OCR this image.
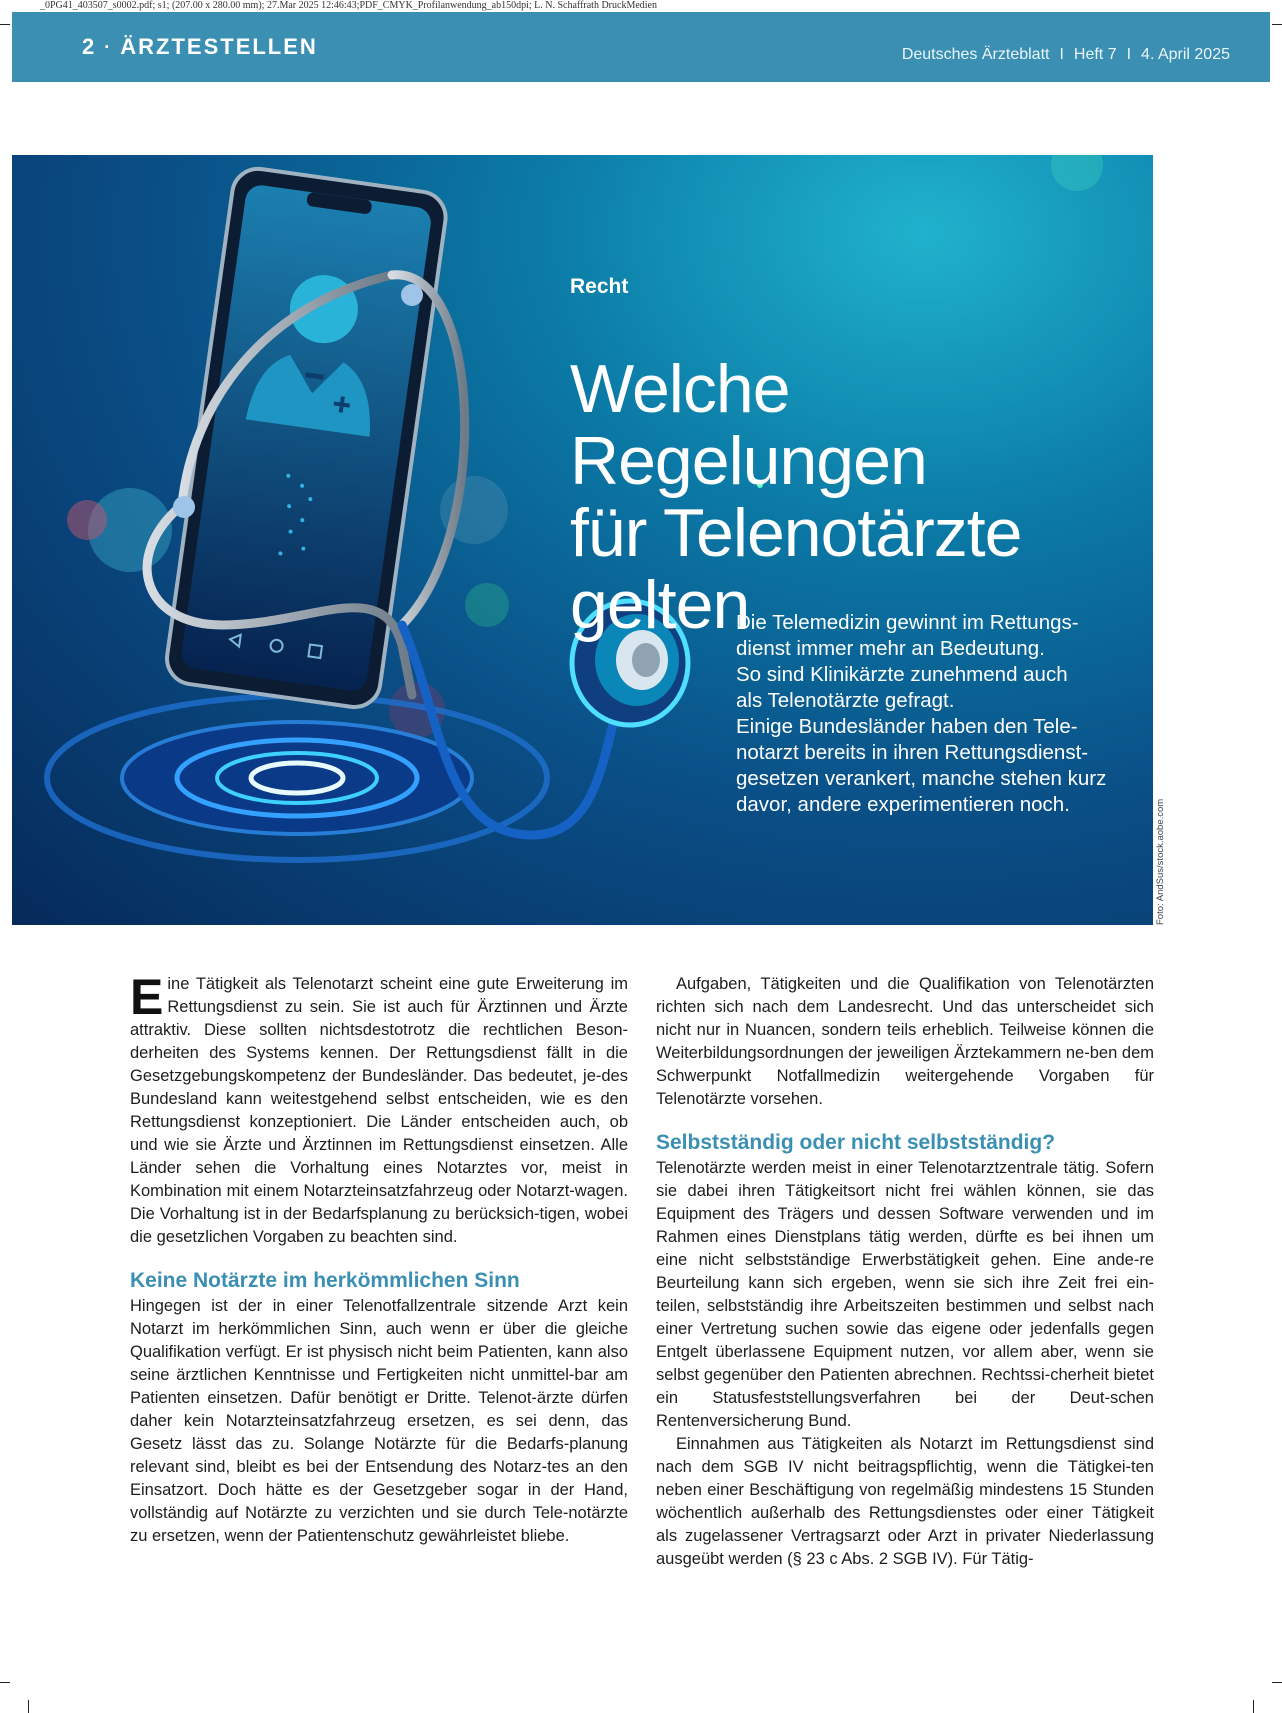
_0PG41_403507_s0002.pdf; s1; (207.00 x 280.00 mm); 27.Mar 2025 12:46:43;PDF_CMYK_Profilanwendung_ab150dpi; L. N. Schaffrath DruckMedien
2 · ÄRZTESTELLEN	Deutsches Ärzteblatt I Heft 7 I 4. April 2025
Recht
Welche Regelungen
für Telenotärzte
gelten
Die Telemedizin gewinnt im Rettungs-
dienst immer mehr an Bedeutung.
So sind Klinikärzte zunehmend auch
als Telenotärzte gefragt.
Einige Bundesländer haben den Tele-
notarzt bereits in ihren Rettungsdienst-
gesetzen verankert, manche stehen kurz
davor, andere experimentieren noch.	Foto: AndSus/stock.aobe.com

Eine Tätigkeit als Telenotarzt scheint eine gute Erweiterung im Rettungsdienst zu sein. Sie ist auch für Ärztinnen und Ärzte attraktiv. Diese sollten nichtsdestotrotz die rechtlichen Beson-derheiten des Systems kennen. Der Rettungsdienst fällt in die Gesetzgebungskompetenz der Bundesländer. Das bedeutet, je-des Bundesland kann weitestgehend selbst entscheiden, wie es den Rettungsdienst konzeptioniert. Die Länder entscheiden auch, ob und wie sie Ärzte und Ärztinnen im Rettungsdienst einsetzen. Alle Länder sehen die Vorhaltung eines Notarztes vor, meist in Kombination mit einem Notarzteinsatzfahrzeug oder Notarzt-wagen. Die Vorhaltung ist in der Bedarfsplanung zu berücksich-tigen, wobei die gesetzlichen Vorgaben zu beachten sind.

Keine Notärzte im herkömmlichen Sinn

Hingegen ist der in einer Telenotfallzentrale sitzende Arzt kein Notarzt im herkömmlichen Sinn, auch wenn er über die gleiche Qualifikation verfügt. Er ist physisch nicht beim Patienten, kann also seine ärztlichen Kenntnisse und Fertigkeiten nicht unmittel-bar am Patienten einsetzen. Dafür benötigt er Dritte. Telenot-ärzte dürfen daher kein Notarzteinsatzfahrzeug ersetzen, es sei denn, das Gesetz lässt das zu. Solange Notärzte für die Bedarfs-planung relevant sind, bleibt es bei der Entsendung des Notarz-tes an den Einsatzort. Doch hätte es der Gesetzgeber sogar in der Hand, vollständig auf Notärzte zu verzichten und sie durch Tele-notärzte zu ersetzen, wenn der Patientenschutz gewährleistet bliebe.

Aufgaben, Tätigkeiten und die Qualifikation von Telenotärzten richten sich nach dem Landesrecht. Und das unterscheidet sich nicht nur in Nuancen, sondern teils erheblich. Teilweise können die Weiterbildungsordnungen der jeweiligen Ärztekammern ne-ben dem Schwerpunkt Notfallmedizin weitergehende Vorgaben für Telenotärzte vorsehen.

Selbstständig oder nicht selbstständig?

Telenotärzte werden meist in einer Telenotarztzentrale tätig. Sofern sie dabei ihren Tätigkeitsort nicht frei wählen können, sie das Equipment des Trägers und dessen Software verwenden und im Rahmen eines Dienstplans tätig werden, dürfte es bei ihnen um eine nicht selbstständige Erwerbstätigkeit gehen. Eine ande-re Beurteilung kann sich ergeben, wenn sie sich ihre Zeit frei ein-teilen, selbstständig ihre Arbeitszeiten bestimmen und selbst nach einer Vertretung suchen sowie das eigene oder jedenfalls gegen Entgelt überlassene Equipment nutzen, vor allem aber, wenn sie selbst gegenüber den Patienten abrechnen. Rechtssi-cherheit bietet ein Statusfeststellungsverfahren bei der Deut-schen Rentenversicherung Bund.

Einnahmen aus Tätigkeiten als Notarzt im Rettungsdienst sind nach dem SGB IV nicht beitragspflichtig, wenn die Tätigkei-ten neben einer Beschäftigung von regelmäßig mindestens 15 Stunden wöchentlich außerhalb des Rettungsdienstes oder einer Tätigkeit als zugelassener Vertragsarzt oder Arzt in privater Niederlassung ausgeübt werden (§ 23 c Abs. 2 SGB IV). Für Tätig-
